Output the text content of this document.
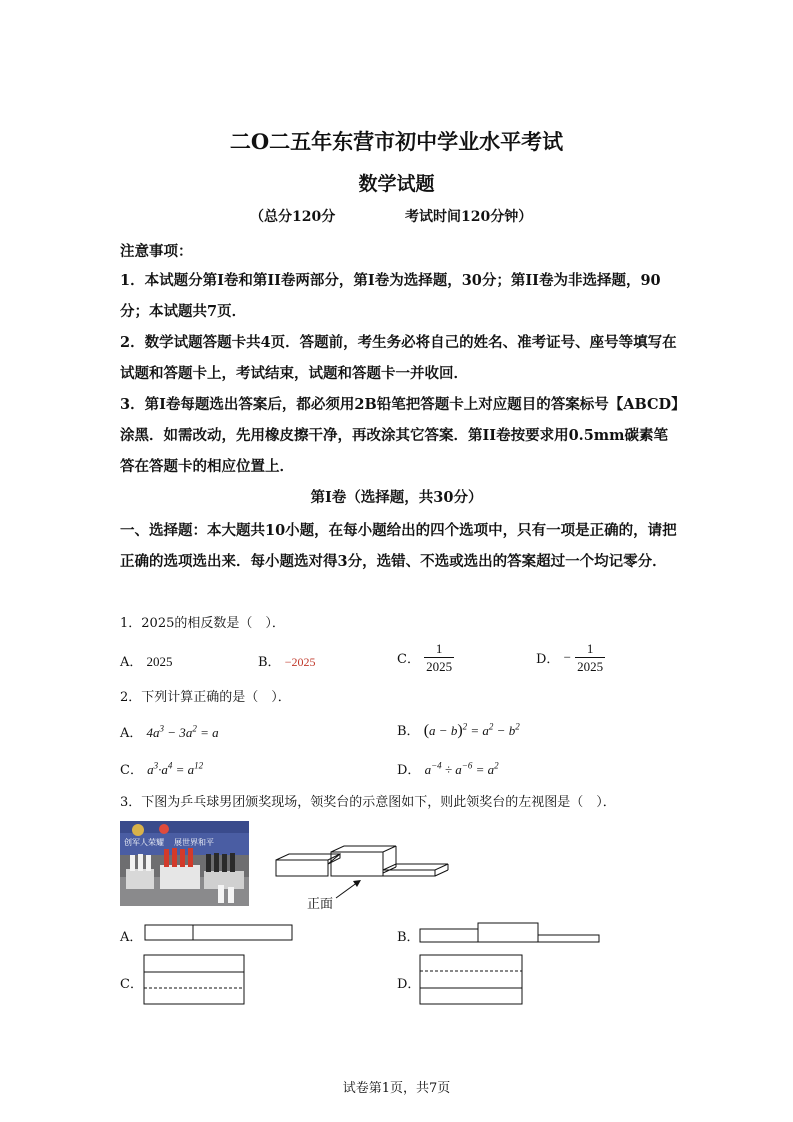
二O二五年东营市初中学业水平考试
数学试题
（总分120分	考试时间120分钟）
注意事项：
1．本试题分第I卷和第II卷两部分，第I卷为选择题，30分；第II卷为非选择题，90分；本试题共7页．
2．数学试题答题卡共4页．答题前，考生务必将自己的姓名、准考证号、座号等填写在试题和答题卡上，考试结束，试题和答题卡一并收回．
3．第I卷每题选出答案后，都必须用2B铅笔把答题卡上对应题目的答案标号【ABCD】涂黑．如需改动，先用橡皮擦干净，再改涂其它答案．第II卷按要求用0.5mm碳素笔答在答题卡的相应位置上．
第I卷（选择题，共30分）
一、选择题：本大题共10小题，在每小题给出的四个选项中，只有一项是正确的，请把正确的选项选出来．每小题选对得3分，选错、不选或选出的答案超过一个均记零分．
1．2025的相反数是（　）．
A． 2025	B． −2025	C． $\frac{1}{2025}$	D． − $\frac{1}{2025}$
2．下列计算正确的是（　）．
A． $4a^3 - 3a^2 = a$	B． $(a - b)^2 = a^2 - b^2$
C． $a^3\cdot a^4 = a^{12}$	D． $a^{-4} \div a^{-6} = a^2$
3．下图为乒乓球男团颁奖现场，领奖台的示意图如下，则此领奖台的左视图是（　）．
创军人荣耀 展世界和平
正面
A．	B．
C．	D．
试卷第1页，共7页
